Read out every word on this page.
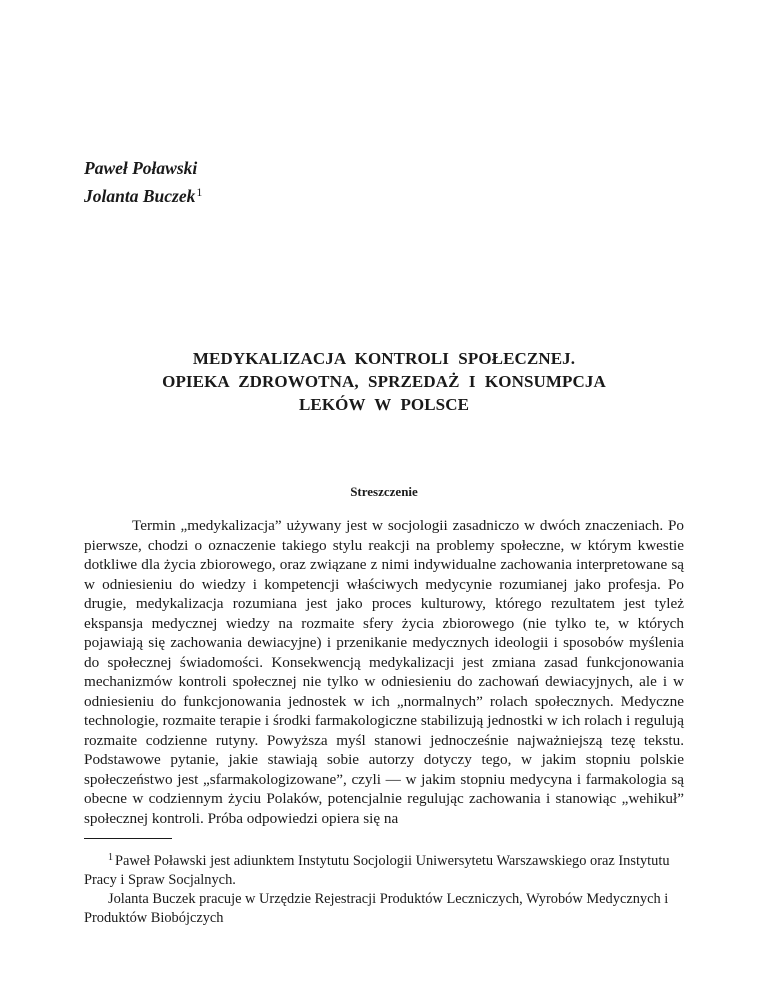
Paweł Poławski
Jolanta Buczek$^1$
MEDYKALIZACJA KONTROLI SPOŁECZNEJ.
OPIEKA ZDROWOTNA, SPRZEDAŻ I KONSUMPCJA
LEKÓW W POLSCE
Streszczenie
Termin „medykalizacja” używany jest w socjologii zasadniczo w dwóch znaczeniach. Po pierwsze, chodzi o oznaczenie takiego stylu reakcji na problemy społeczne, w którym kwestie dotkliwe dla życia zbiorowego, oraz związane z nimi indywidualne zachowania interpretowane są w odniesieniu do wiedzy i kompetencji właściwych medycynie rozumianej jako profesja. Po drugie, medykalizacja rozumiana jest jako proces kulturowy, którego rezultatem jest tyleż ekspansja medycznej wiedzy na rozmaite sfery życia zbiorowego (nie tylko te, w których pojawiają się zachowania dewiacyjne) i przenikanie medycznych ideologii i sposobów myślenia do społecznej świadomości. Konsekwencją medykalizacji jest zmiana zasad funkcjonowania mechanizmów kontroli społecznej nie tylko w odniesieniu do zachowań dewiacyjnych, ale i w odniesieniu do funkcjonowania jednostek w ich „normalnych” rolach społecznych. Medyczne technologie, rozmaite terapie i środki farmakologiczne stabilizują jednostki w ich rolach i regulują rozmaite codzienne rutyny. Powyższa myśl stanowi jednocześnie najważniejszą tezę tekstu. Podstawowe pytanie, jakie stawiają sobie autorzy dotyczy tego, w jakim stopniu polskie społeczeństwo jest „sfarmakologizowane”, czyli — w jakim stopniu medycyna i farmakologia są obecne w codziennym życiu Polaków, potencjalnie regulując zachowania i stanowiąc „wehikuł” społecznej kontroli. Próba odpowiedzi opiera się na

$^1$ Paweł Poławski jest adiunktem Instytutu Socjologii Uniwersytetu Warszawskiego oraz Instytutu Pracy i Spraw Socjalnych.

Jolanta Buczek pracuje w Urzędzie Rejestracji Produktów Leczniczych, Wyrobów Medycznych i Produktów Biobójczych
